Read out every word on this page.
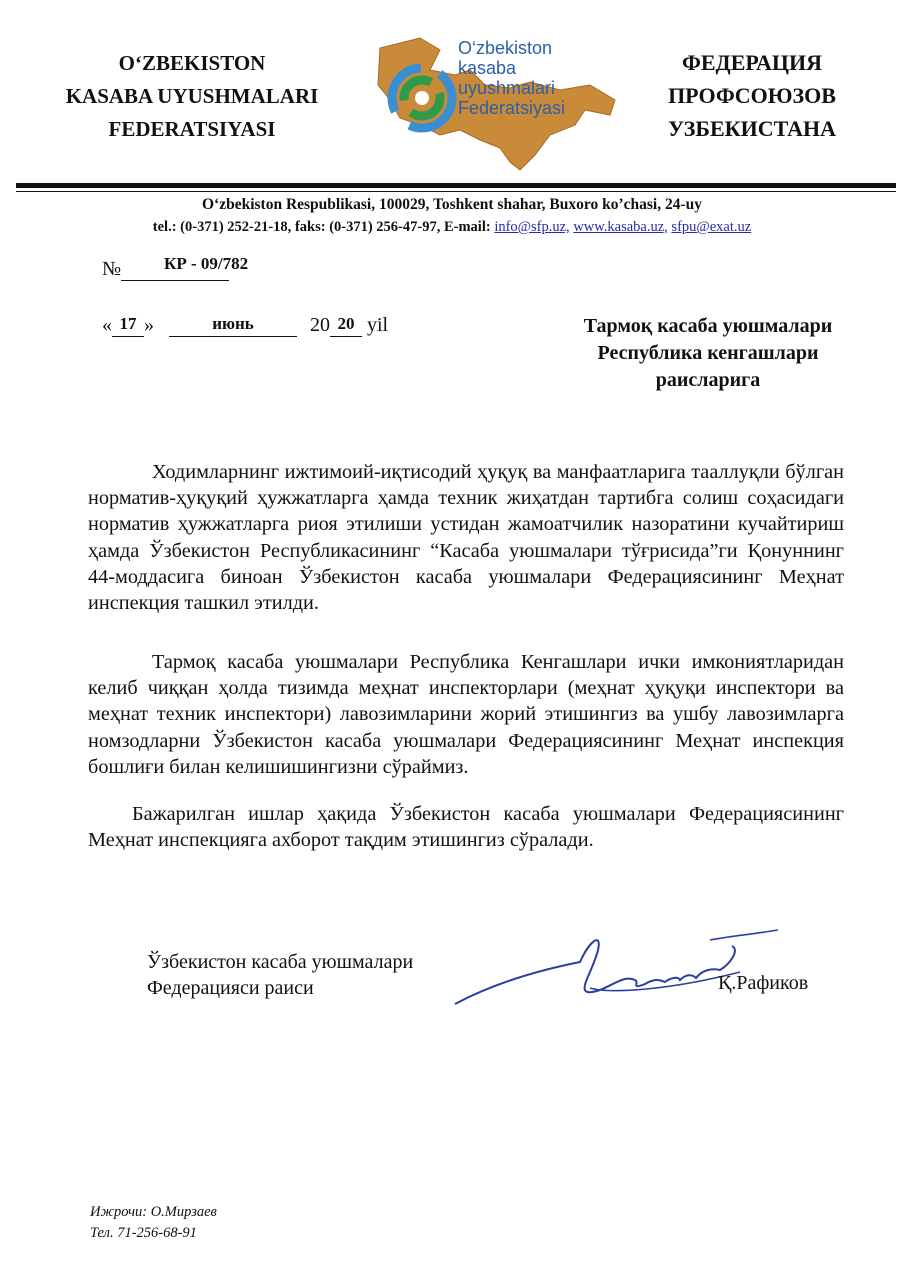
O‘ZBEKISTON
KASABA UYUSHMALARI
FEDERATSIYASI
O‘zbekiston
kasaba
uyushmalari
Federatsiyasi
ФЕДЕРАЦИЯ
ПРОФСОЮЗОВ
УЗБЕКИСТАНА
O‘zbekiston Respublikasi, 100029, Toshkent shahar, Buxoro ko’chasi, 24-uy
tel.: (0-371) 252-21-18, faks: (0-371) 256-47-97, E-mail: info@sfp.uz, www.kasaba.uz, sfpu@exat.uz
№	КР - 09/782
« 17 »	июнь	20 20 yil	Тармоқ касаба уюшмалари
Республика кенгашлари
раисларига
Ходимларнинг ижтимоий-иқтисодий ҳуқуқ ва манфаатларига тааллуқли бўлган норматив-ҳуқуқий ҳужжатларга ҳамда техник жиҳатдан тартибга солиш соҳасидаги норматив ҳужжатларга риоя этилиши устидан жамоатчилик назоратини кучайтириш ҳамда Ўзбекистон Республикасининг “Касаба уюшмалари тўғрисида”ги Қонуннинг 44-моддасига биноан Ўзбекистон касаба уюшмалари Федерациясининг Меҳнат инспекция ташкил этилди.
Тармоқ касаба уюшмалари Республика Кенгашлари ички имкониятларидан келиб чиққан ҳолда тизимда меҳнат инспекторлари (меҳнат ҳуқуқи инспектори ва меҳнат техник инспектори) лавозимларини жорий этишингиз ва ушбу лавозимларга номзодларни Ўзбекистон касаба уюшмалари Федерациясининг Меҳнат инспекция бошлиғи билан келишишингизни сўраймиз.
Бажарилган ишлар ҳақида Ўзбекистон касаба уюшмалари Федерациясининг Меҳнат инспекцияга ахборот тақдим этишингиз сўралади.
Ўзбекистон касаба уюшмалари
Федерацияси раиси	Қ.Рафиков
Ижрочи: О.Мирзаев
Тел. 71-256-68-91
